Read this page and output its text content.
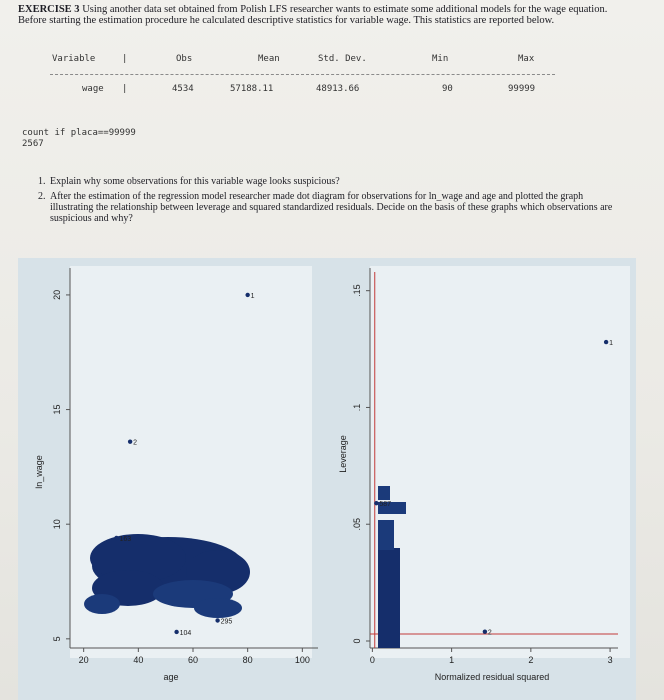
EXERCISE 3 Using another data set obtained from Polish LFS researcher wants to estimate some additional models for the wage equation. Before starting the estimation procedure he calculated descriptive statistics for variable wage. This statistics are reported below.
Variable	|	Obs	Mean	Std. Dev.	Min	Max
wage |	4534	57188.11	48913.66	90	99999
count if placa==99999
2567
1. Explain why some observations for this variable wage looks suspicious?
2. After the estimation of the regression model researcher made dot diagram for observations for ln_wage and age and plotted the graph illustrating the relationship between leverage and squared standardized residuals. Decide on the basis of these graphs which observations are suspicious and why?
5
10
15
20
20	40	60	80	100
ln_wage
age
1
2
163
295
104
0
.05
.1
.15
0	1	2	3
Leverage
Normalized residual squared
1
2
587
